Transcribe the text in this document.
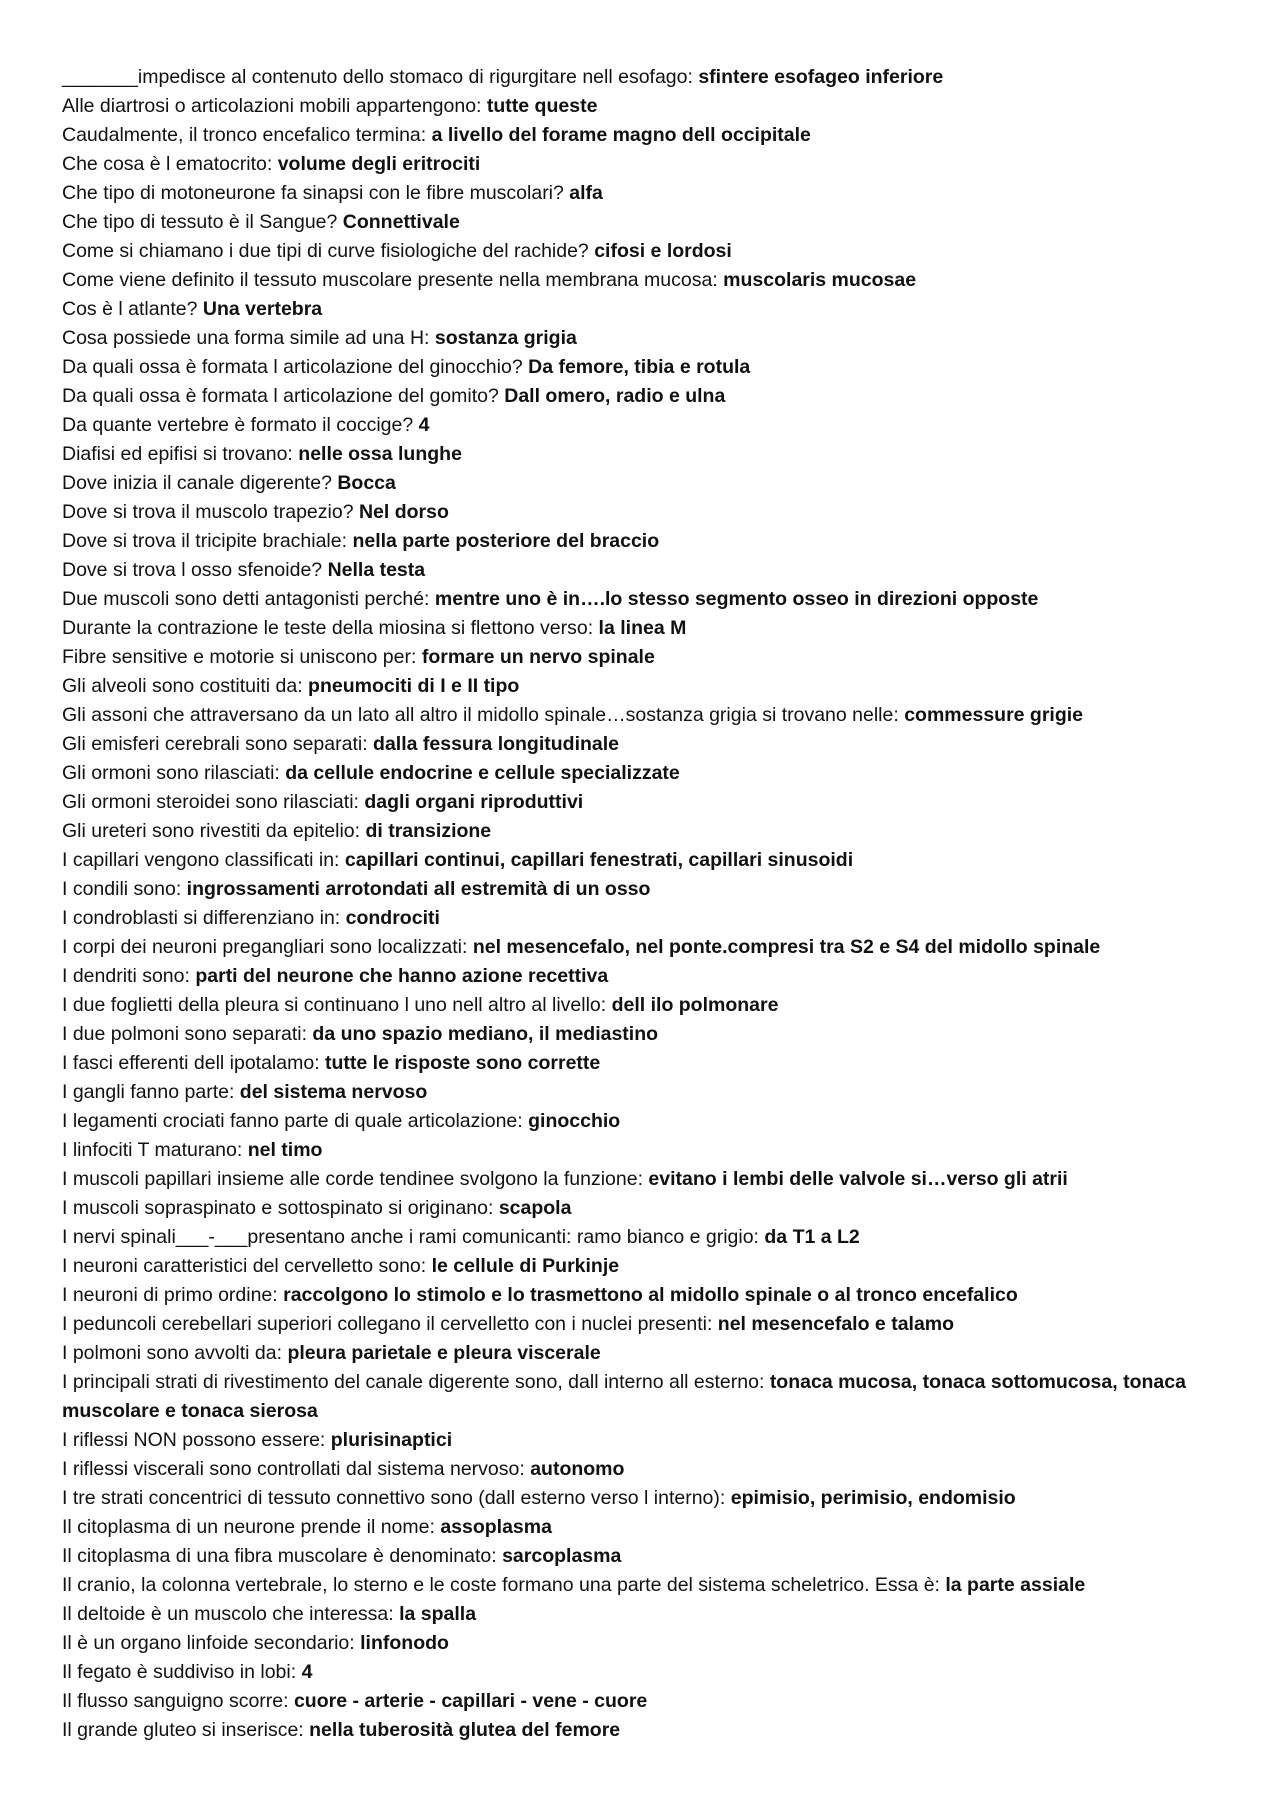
_______impedisce al contenuto dello stomaco di rigurgitare nell esofago: sfintere esofageo inferiore
Alle diartrosi o articolazioni mobili appartengono: tutte queste
Caudalmente, il tronco encefalico termina: a livello del forame magno dell occipitale
Che cosa è l ematocrito: volume degli eritrociti
Che tipo di motoneurone fa sinapsi con le fibre muscolari? alfa
Che tipo di tessuto è il Sangue? Connettivale
Come si chiamano i due tipi di curve fisiologiche del rachide? cifosi e lordosi
Come viene definito il tessuto muscolare presente nella membrana mucosa: muscolaris mucosae
Cos è l atlante? Una vertebra
Cosa possiede una forma simile ad una H: sostanza grigia
Da quali ossa è formata l articolazione del ginocchio? Da femore, tibia e rotula
Da quali ossa è formata l articolazione del gomito? Dall omero, radio e ulna
Da quante vertebre è formato il coccige? 4
Diafisi ed epifisi si trovano: nelle ossa lunghe
Dove inizia il canale digerente? Bocca
Dove si trova il muscolo trapezio? Nel dorso
Dove si trova il tricipite brachiale: nella parte posteriore del braccio
Dove si trova l osso sfenoide? Nella testa
Due muscoli sono detti antagonisti perché: mentre uno è in….lo stesso segmento osseo in direzioni opposte
Durante la contrazione le teste della miosina si flettono verso: la linea M
Fibre sensitive e motorie si uniscono per: formare un nervo spinale
Gli alveoli sono costituiti da: pneumociti di I e II tipo
Gli assoni che attraversano da un lato all altro il midollo spinale…sostanza grigia si trovano nelle: commessure grigie
Gli emisferi cerebrali sono separati: dalla fessura longitudinale
Gli ormoni sono rilasciati: da cellule endocrine e cellule specializzate
Gli ormoni steroidei sono rilasciati: dagli organi riproduttivi
Gli ureteri sono rivestiti da epitelio: di transizione
I capillari vengono classificati in: capillari continui, capillari fenestrati, capillari sinusoidi
I condili sono: ingrossamenti arrotondati all estremità di un osso
I condroblasti si differenziano in: condrociti
I corpi dei neuroni pregangliari sono localizzati: nel mesencefalo, nel ponte.compresi tra S2 e S4 del midollo spinale
I dendriti sono: parti del neurone che hanno azione recettiva
I due foglietti della pleura si continuano l uno nell altro al livello: dell ilo polmonare
I due polmoni sono separati: da uno spazio mediano, il mediastino
I fasci efferenti dell ipotalamo: tutte le risposte sono corrette
I gangli fanno parte: del sistema nervoso
I legamenti crociati fanno parte di quale articolazione: ginocchio
I linfociti T maturano: nel timo
I muscoli papillari insieme alle corde tendinee svolgono la funzione: evitano i lembi delle valvole si…verso gli atrii
I muscoli sopraspinato e sottospinato si originano: scapola
I nervi spinali___-___presentano anche i rami comunicanti: ramo bianco e grigio: da T1 a L2
I neuroni caratteristici del cervelletto sono: le cellule di Purkinje
I neuroni di primo ordine: raccolgono lo stimolo e lo trasmettono al midollo spinale o al tronco encefalico
I peduncoli cerebellari superiori collegano il cervelletto con i nuclei presenti: nel mesencefalo e talamo
I polmoni sono avvolti da: pleura parietale e pleura viscerale
I principali strati di rivestimento del canale digerente sono, dall interno all esterno: tonaca mucosa, tonaca sottomucosa, tonaca muscolare e tonaca sierosa
I riflessi NON possono essere: plurisinaptici
I riflessi viscerali sono controllati dal sistema nervoso: autonomo
I tre strati concentrici di tessuto connettivo sono (dall esterno verso l interno): epimisio, perimisio, endomisio
Il citoplasma di un neurone prende il nome: assoplasma
Il citoplasma di una fibra muscolare è denominato: sarcoplasma
Il cranio, la colonna vertebrale, lo sterno e le coste formano una parte del sistema scheletrico. Essa è: la parte assiale
Il deltoide è un muscolo che interessa: la spalla
Il è un organo linfoide secondario: linfonodo
Il fegato è suddiviso in lobi: 4
Il flusso sanguigno scorre: cuore - arterie - capillari - vene - cuore
Il grande gluteo si inserisce: nella tuberosità glutea del femore
